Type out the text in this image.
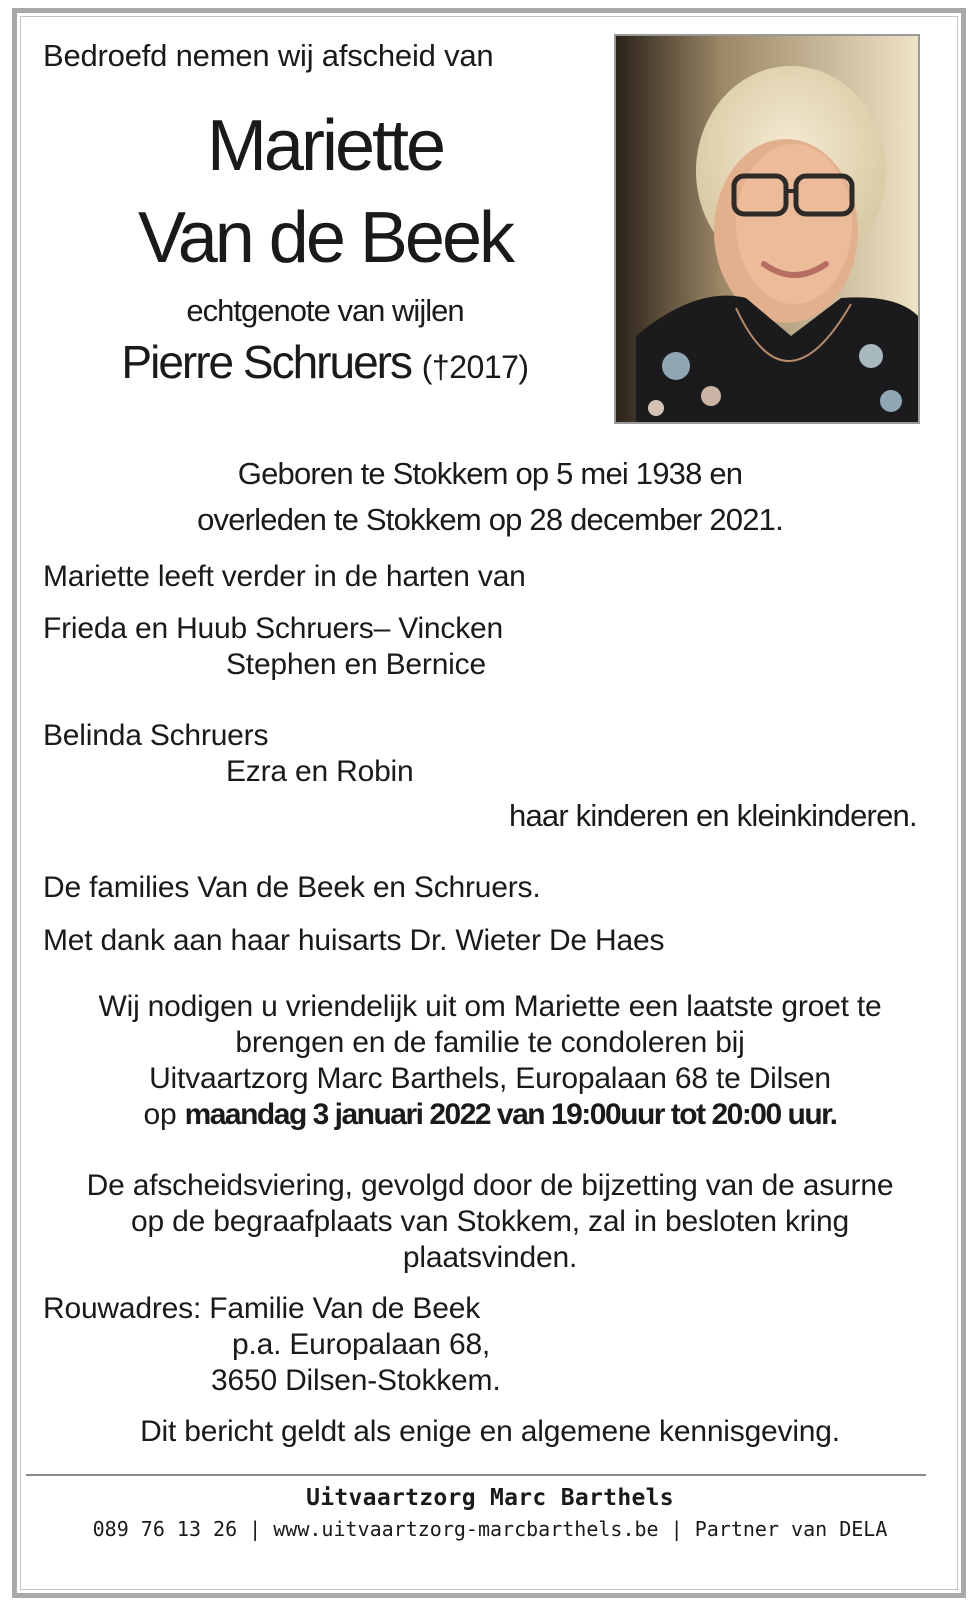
Bedroefd nemen wij afscheid van
Mariette
Van de Beek
echtgenote van wijlen
Pierre Schruers (†2017)
Geboren te Stokkem op 5 mei 1938 en
overleden te Stokkem op 28 december 2021.
Mariette leeft verder in de harten van
Frieda en Huub Schruers– Vincken
Stephen en Bernice
Belinda Schruers
Ezra en Robin
haar kinderen en kleinkinderen.
De families Van de Beek en Schruers.
Met dank aan haar huisarts Dr. Wieter De Haes
Wij nodigen u vriendelijk uit om Mariette een laatste groet te
brengen en de familie te condoleren bij
Uitvaartzorg Marc Barthels, Europalaan 68 te Dilsen
op maandag 3 januari 2022 van 19:00uur tot 20:00 uur.
De afscheidsviering, gevolgd door de bijzetting van de asurne
op de begraafplaats van Stokkem, zal in besloten kring
plaatsvinden.
Rouwadres: Familie Van de Beek
p.a. Europalaan 68,
3650 Dilsen-Stokkem.
Dit bericht geldt als enige en algemene kennisgeving.
Uitvaartzorg Marc Barthels
089 76 13 26 | www.uitvaartzorg-marcbarthels.be | Partner van DELA
